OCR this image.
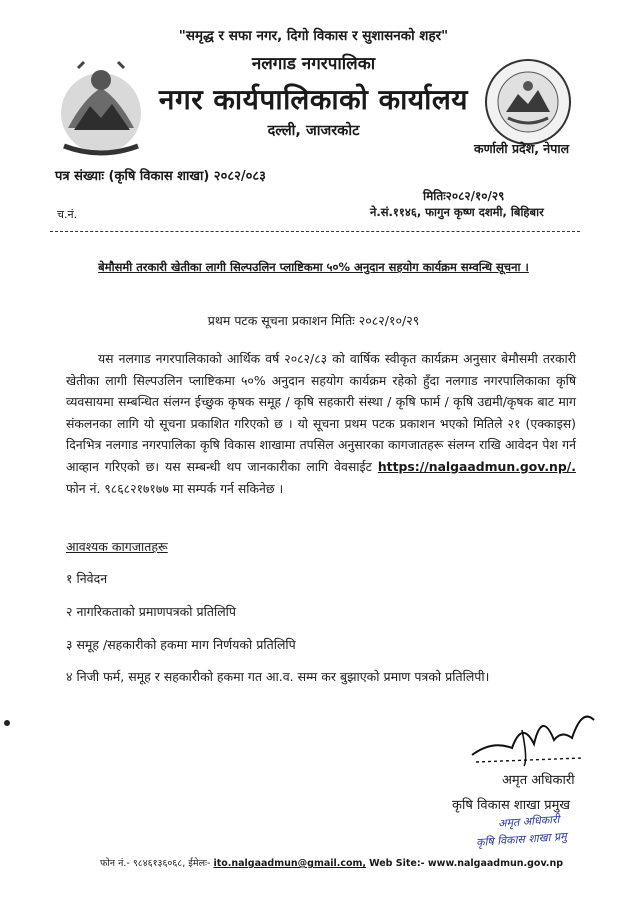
"समृद्ध र सफा नगर, दिगो विकास र सुशासनको शहर"
नलगाड नगरपालिका
नगर कार्यपालिकाको कार्यालय
दल्ली, जाजरकोट
कर्णाली प्रदेश, नेपाल
पत्र संख्याः (कृषि विकास शाखा) २०८२/०८३
मितिः२०८२/१०/२९
च.नं.	ने.सं.११४६, फागुन कृष्ण दशमी, बिहिबार
बेमौसमी तरकारी खेतीका लागी सिल्पउलिन प्लाष्टिकमा ५०% अनुदान सहयोग कार्यक्रम सम्वन्धि सूचना ।
प्रथम पटक सूचना प्रकाशन मितिः २०८२/१०/२९
यस नलगाड नगरपालिकाको आर्थिक वर्ष २०८२/८३ को वार्षिक स्वीकृत कार्यक्रम अनुसार बेमौसमी तरकारी खेतीका लागी सिल्पउलिन प्लाष्टिकमा ५०% अनुदान सहयोग कार्यक्रम रहेको हुँदा नलगाड नगरपालिकाका कृषि व्यवसायमा सम्बन्धित संलग्न ईच्छुक कृषक समूह / कृषि सहकारी संस्था / कृषि फार्म / कृषि उद्यमी/कृषक बाट माग संकलनका लागि यो सूचना प्रकाशित गरिएको छ । यो सूचना प्रथम पटक प्रकाशन भएको मितिले २१ (एक्काइस) दिनभित्र नलगाड नगरपालिका कृषि विकास शाखामा तपसिल अनुसारका कागजातहरू संलग्न राखि आवेदन पेश गर्न आव्हान गरिएको छ। यस सम्बन्धी थप जानकारीका लागि वेवसाईट https://nalgaadmun.gov.np/. फोन नं. ९८६८२१७१७७ मा सम्पर्क गर्न सकिनेछ ।
आवश्यक कागजातहरू
१ निवेदन
२ नागरिकताको प्रमाणपत्रको प्रतिलिपि
३ समूह /सहकारीको हकमा माग निर्णयको प्रतिलिपि
४ निजी फर्म, समूह र सहकारीको हकमा गत आ.व. सम्म कर बुझाएको प्रमाण पत्रको प्रतिलिपी।
अमृत अधिकारी
कृषि विकास शाखा प्रमुख
अमृत अधिकारी
कृषि विकास शाखा प्रमु
फोन नं.- ९८४६१३६०६८, ईमेलः- ito.nalgaadmun@gmail.com, Web Site:- www.nalgaadmun.gov.np
